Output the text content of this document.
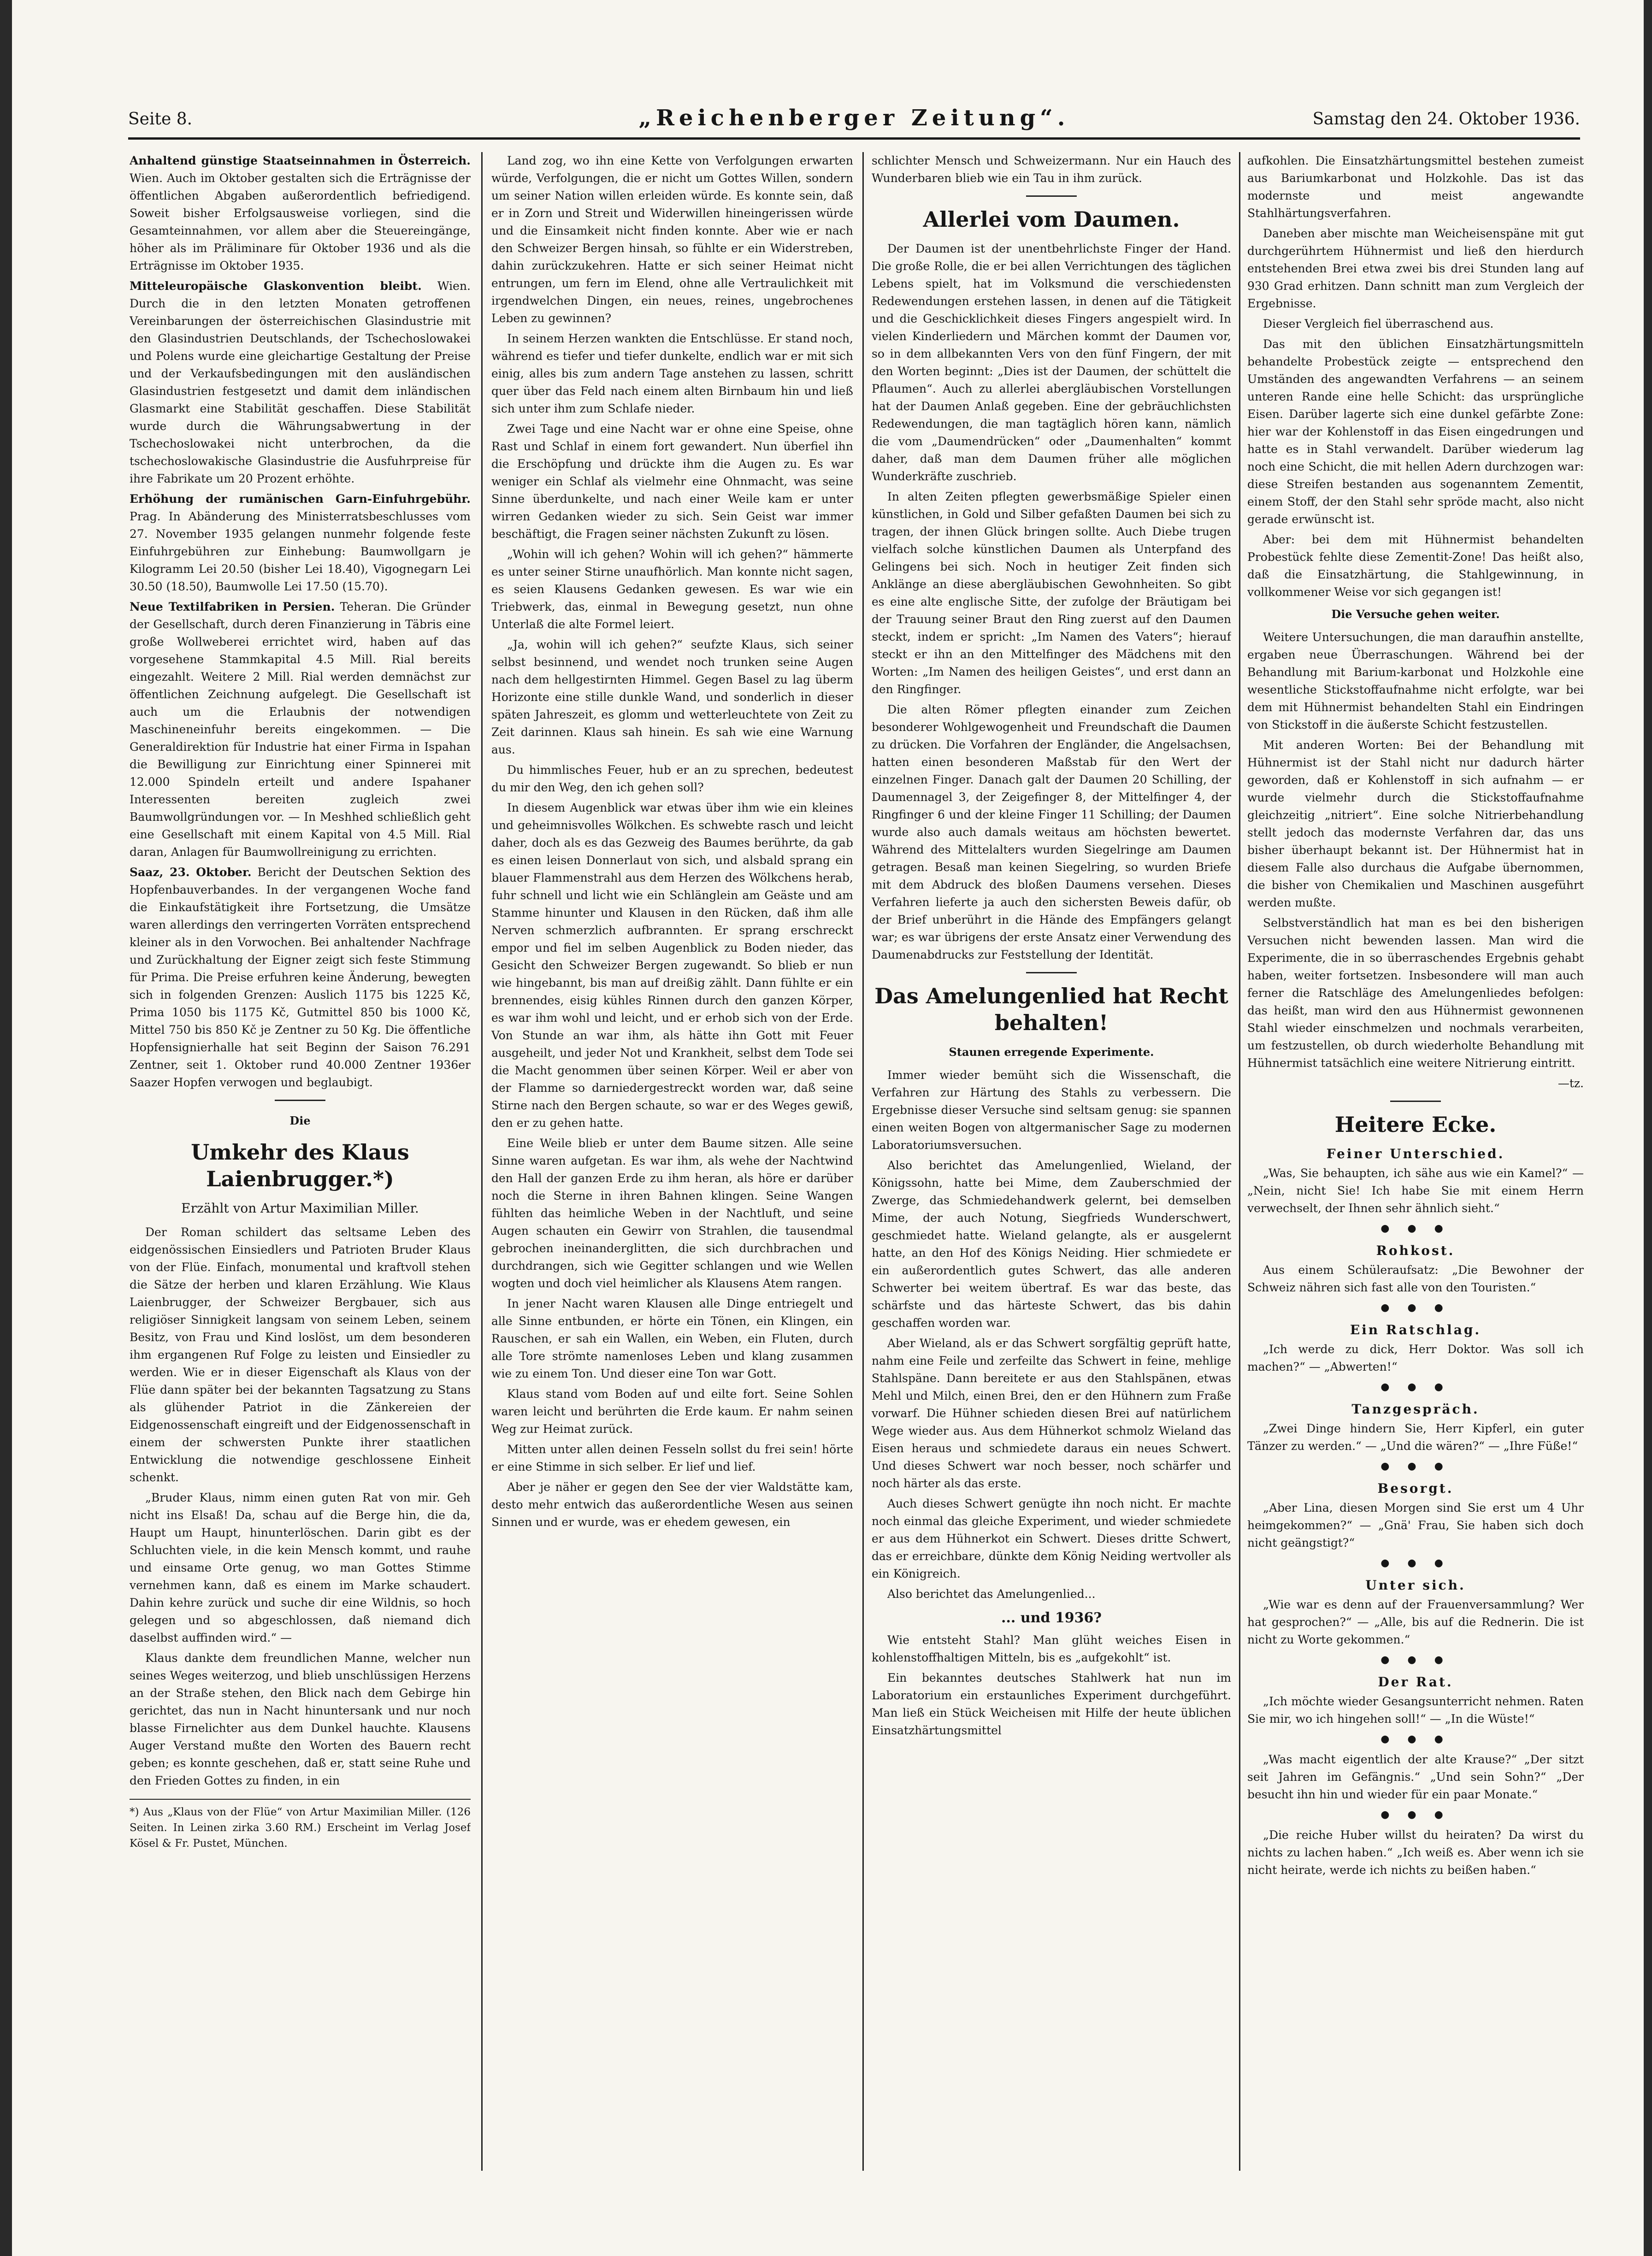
Seite 8.	„Reichenberger Zeitung“.	Samstag den 24. Oktober 1936.

Anhaltend günstige Staatseinnahmen in Österreich. Wien. Auch im Oktober gestalten sich die Erträgnisse der öffentlichen Abgaben außerordentlich befriedigend. Soweit bisher Erfolgsausweise vorliegen, sind die Gesamteinnahmen, vor allem aber die Steuereingänge, höher als im Präliminare für Oktober 1936 und als die Erträgnisse im Oktober 1935.

Mitteleuropäische Glaskonvention bleibt. Wien. Durch die in den letzten Monaten getroffenen Vereinbarungen der österreichischen Glasindustrie mit den Glasindustrien Deutschlands, der Tschechoslowakei und Polens wurde eine gleichartige Gestaltung der Preise und der Verkaufsbedingungen mit den ausländischen Glasindustrien festgesetzt und damit dem inländischen Glasmarkt eine Stabilität geschaffen. Diese Stabilität wurde durch die Währungsabwertung in der Tschechoslowakei nicht unterbrochen, da die tschechoslowakische Glasindustrie die Ausfuhrpreise für ihre Fabrikate um 20 Prozent erhöhte.

Erhöhung der rumänischen Garn-Einfuhrgebühr. Prag. In Abänderung des Ministerratsbeschlusses vom 27. November 1935 gelangen nunmehr folgende feste Einfuhrgebühren zur Einhebung: Baumwollgarn je Kilogramm Lei 20.50 (bisher Lei 18.40), Vigognegarn Lei 30.50 (18.50), Baumwolle Lei 17.50 (15.70).

Neue Textilfabriken in Persien. Teheran. Die Gründer der Gesellschaft, durch deren Finanzierung in Täbris eine große Wollweberei errichtet wird, haben auf das vorgesehene Stammkapital 4.5 Mill. Rial bereits eingezahlt. Weitere 2 Mill. Rial werden demnächst zur öffentlichen Zeichnung aufgelegt. Die Gesellschaft ist auch um die Erlaubnis der notwendigen Maschineneinfuhr bereits eingekommen. — Die Generaldirektion für Industrie hat einer Firma in Ispahan die Bewilligung zur Einrichtung einer Spinnerei mit 12.000 Spindeln erteilt und andere Ispahaner Interessenten bereiten zugleich zwei Baumwollgründungen vor. — In Meshhed schließlich geht eine Gesellschaft mit einem Kapital von 4.5 Mill. Rial daran, Anlagen für Baumwollreinigung zu errichten.

Saaz, 23. Oktober. Bericht der Deutschen Sektion des Hopfenbauverbandes. In der vergangenen Woche fand die Einkaufstätigkeit ihre Fortsetzung, die Umsätze waren allerdings den verringerten Vorräten entsprechend kleiner als in den Vorwochen. Bei anhaltender Nachfrage und Zurückhaltung der Eigner zeigt sich feste Stimmung für Prima. Die Preise erfuhren keine Änderung, bewegten sich in folgenden Grenzen: Auslich 1175 bis 1225 Kč, Prima 1050 bis 1175 Kč, Gutmittel 850 bis 1000 Kč, Mittel 750 bis 850 Kč je Zentner zu 50 Kg. Die öffentliche Hopfensignierhalle hat seit Beginn der Saison 76.291 Zentner, seit 1. Oktober rund 40.000 Zentner 1936er Saazer Hopfen verwogen und beglaubigt.

Die

Umkehr des Klaus Laienbrugger.*)

Erzählt von Artur Maximilian Miller.

Der Roman schildert das seltsame Leben des eidgenössischen Einsiedlers und Patrioten Bruder Klaus von der Flüe. Einfach, monumental und kraftvoll stehen die Sätze der herben und klaren Erzählung. Wie Klaus Laienbrugger, der Schweizer Bergbauer, sich aus religiöser Sinnigkeit langsam von seinem Leben, seinem Besitz, von Frau und Kind loslöst, um dem besonderen ihm ergangenen Ruf Folge zu leisten und Einsiedler zu werden. Wie er in dieser Eigenschaft als Klaus von der Flüe dann später bei der bekannten Tagsatzung zu Stans als glühender Patriot in die Zänkereien der Eidgenossenschaft eingreift und der Eidgenossenschaft in einem der schwersten Punkte ihrer staatlichen Entwicklung die notwendige geschlossene Einheit schenkt.

„Bruder Klaus, nimm einen guten Rat von mir. Geh nicht ins Elsaß! Da, schau auf die Berge hin, die da, Haupt um Haupt, hinunterlöschen. Darin gibt es der Schluchten viele, in die kein Mensch kommt, und rauhe und einsame Orte genug, wo man Gottes Stimme vernehmen kann, daß es einem im Marke schaudert. Dahin kehre zurück und suche dir eine Wildnis, so hoch gelegen und so abgeschlossen, daß niemand dich daselbst auffinden wird.“ —

Klaus dankte dem freundlichen Manne, welcher nun seines Weges weiterzog, und blieb unschlüssigen Herzens an der Straße stehen, den Blick nach dem Gebirge hin gerichtet, das nun in Nacht hinuntersank und nur noch blasse Firnelichter aus dem Dunkel hauchte. Klausens Auger Verstand mußte den Worten des Bauern recht geben; es konnte geschehen, daß er, statt seine Ruhe und den Frieden Gottes zu finden, in ein

*) Aus „Klaus von der Flüe“ von Artur Maximilian Miller. (126 Seiten. In Leinen zirka 3.60 RM.) Erscheint im Verlag Josef Kösel & Fr. Pustet, München.

Land zog, wo ihn eine Kette von Verfolgungen erwarten würde, Verfolgungen, die er nicht um Gottes Willen, sondern um seiner Nation willen erleiden würde. Es konnte sein, daß er in Zorn und Streit und Widerwillen hineingerissen würde und die Einsamkeit nicht finden konnte. Aber wie er nach den Schweizer Bergen hinsah, so fühlte er ein Widerstreben, dahin zurückzukehren. Hatte er sich seiner Heimat nicht entrungen, um fern im Elend, ohne alle Vertraulichkeit mit irgendwelchen Dingen, ein neues, reines, ungebrochenes Leben zu gewinnen?

In seinem Herzen wankten die Entschlüsse. Er stand noch, während es tiefer und tiefer dunkelte, endlich war er mit sich einig, alles bis zum andern Tage anstehen zu lassen, schritt quer über das Feld nach einem alten Birnbaum hin und ließ sich unter ihm zum Schlafe nieder.

Zwei Tage und eine Nacht war er ohne eine Speise, ohne Rast und Schlaf in einem fort gewandert. Nun überfiel ihn die Erschöpfung und drückte ihm die Augen zu. Es war weniger ein Schlaf als vielmehr eine Ohnmacht, was seine Sinne überdunkelte, und nach einer Weile kam er unter wirren Gedanken wieder zu sich. Sein Geist war immer beschäftigt, die Fragen seiner nächsten Zukunft zu lösen.

„Wohin will ich gehen? Wohin will ich gehen?“ hämmerte es unter seiner Stirne unaufhörlich. Man konnte nicht sagen, es seien Klausens Gedanken gewesen. Es war wie ein Triebwerk, das, einmal in Bewegung gesetzt, nun ohne Unterlaß die alte Formel leiert.

„Ja, wohin will ich gehen?“ seufzte Klaus, sich seiner selbst besinnend, und wendet noch trunken seine Augen nach dem hellgestirnten Himmel. Gegen Basel zu lag überm Horizonte eine stille dunkle Wand, und sonderlich in dieser späten Jahreszeit, es glomm und wetterleuchtete von Zeit zu Zeit darinnen. Klaus sah hinein. Es sah wie eine Warnung aus.

Du himmlisches Feuer, hub er an zu sprechen, bedeutest du mir den Weg, den ich gehen soll?

In diesem Augenblick war etwas über ihm wie ein kleines und geheimnisvolles Wölkchen. Es schwebte rasch und leicht daher, doch als es das Gezweig des Baumes berührte, da gab es einen leisen Donnerlaut von sich, und alsbald sprang ein blauer Flammenstrahl aus dem Herzen des Wölkchens herab, fuhr schnell und licht wie ein Schlänglein am Geäste und am Stamme hinunter und Klausen in den Rücken, daß ihm alle Nerven schmerzlich aufbrannten. Er sprang erschreckt empor und fiel im selben Augenblick zu Boden nieder, das Gesicht den Schweizer Bergen zugewandt. So blieb er nun wie hingebannt, bis man auf dreißig zählt. Dann fühlte er ein brennendes, eisig kühles Rinnen durch den ganzen Körper, es war ihm wohl und leicht, und er erhob sich von der Erde. Von Stunde an war ihm, als hätte ihn Gott mit Feuer ausgeheilt, und jeder Not und Krankheit, selbst dem Tode sei die Macht genommen über seinen Körper. Weil er aber von der Flamme so darniedergestreckt worden war, daß seine Stirne nach den Bergen schaute, so war er des Weges gewiß, den er zu gehen hatte.

Eine Weile blieb er unter dem Baume sitzen. Alle seine Sinne waren aufgetan. Es war ihm, als wehe der Nachtwind den Hall der ganzen Erde zu ihm heran, als höre er darüber noch die Sterne in ihren Bahnen klingen. Seine Wangen fühlten das heimliche Weben in der Nachtluft, und seine Augen schauten ein Gewirr von Strahlen, die tausendmal gebrochen ineinanderglitten, die sich durchbrachen und durchdrangen, sich wie Gegitter schlangen und wie Wellen wogten und doch viel heimlicher als Klausens Atem rangen.

In jener Nacht waren Klausen alle Dinge entriegelt und alle Sinne entbunden, er hörte ein Tönen, ein Klingen, ein Rauschen, er sah ein Wallen, ein Weben, ein Fluten, durch alle Tore strömte namenloses Leben und klang zusammen wie zu einem Ton. Und dieser eine Ton war Gott.

Klaus stand vom Boden auf und eilte fort. Seine Sohlen waren leicht und berührten die Erde kaum. Er nahm seinen Weg zur Heimat zurück.

Mitten unter allen deinen Fesseln sollst du frei sein! hörte er eine Stimme in sich selber. Er lief und lief.

Aber je näher er gegen den See der vier Waldstätte kam, desto mehr entwich das außerordentliche Wesen aus seinen Sinnen und er wurde, was er ehedem gewesen, ein

schlichter Mensch und Schweizermann. Nur ein Hauch des Wunderbaren blieb wie ein Tau in ihm zurück.

Allerlei vom Daumen.

Der Daumen ist der unentbehrlichste Finger der Hand. Die große Rolle, die er bei allen Verrichtungen des täglichen Lebens spielt, hat im Volksmund die verschiedensten Redewendungen erstehen lassen, in denen auf die Tätigkeit und die Geschicklichkeit dieses Fingers angespielt wird. In vielen Kinderliedern und Märchen kommt der Daumen vor, so in dem allbekannten Vers von den fünf Fingern, der mit den Worten beginnt: „Dies ist der Daumen, der schüttelt die Pflaumen“. Auch zu allerlei abergläubischen Vorstellungen hat der Daumen Anlaß gegeben. Eine der gebräuchlichsten Redewendungen, die man tagtäglich hören kann, nämlich die vom „Daumendrücken“ oder „Daumenhalten“ kommt daher, daß man dem Daumen früher alle möglichen Wunderkräfte zuschrieb.

In alten Zeiten pflegten gewerbsmäßige Spieler einen künstlichen, in Gold und Silber gefaßten Daumen bei sich zu tragen, der ihnen Glück bringen sollte. Auch Diebe trugen vielfach solche künstlichen Daumen als Unterpfand des Gelingens bei sich. Noch in heutiger Zeit finden sich Anklänge an diese abergläubischen Gewohnheiten. So gibt es eine alte englische Sitte, der zufolge der Bräutigam bei der Trauung seiner Braut den Ring zuerst auf den Daumen steckt, indem er spricht: „Im Namen des Vaters“; hierauf steckt er ihn an den Mittelfinger des Mädchens mit den Worten: „Im Namen des heiligen Geistes“, und erst dann an den Ringfinger.

Die alten Römer pflegten einander zum Zeichen besonderer Wohlgewogenheit und Freundschaft die Daumen zu drücken. Die Vorfahren der Engländer, die Angelsachsen, hatten einen besonderen Maßstab für den Wert der einzelnen Finger. Danach galt der Daumen 20 Schilling, der Daumennagel 3, der Zeigefinger 8, der Mittelfinger 4, der Ringfinger 6 und der kleine Finger 11 Schilling; der Daumen wurde also auch damals weitaus am höchsten bewertet. Während des Mittelalters wurden Siegelringe am Daumen getragen. Besaß man keinen Siegelring, so wurden Briefe mit dem Abdruck des bloßen Daumens versehen. Dieses Verfahren lieferte ja auch den sichersten Beweis dafür, ob der Brief unberührt in die Hände des Empfängers gelangt war; es war übrigens der erste Ansatz einer Verwendung des Daumenabdrucks zur Feststellung der Identität.

Das Amelungenlied hat Recht behalten!

Staunen erregende Experimente.

Immer wieder bemüht sich die Wissenschaft, die Verfahren zur Härtung des Stahls zu verbessern. Die Ergebnisse dieser Versuche sind seltsam genug: sie spannen einen weiten Bogen von altgermanischer Sage zu modernen Laboratoriumsversuchen.

Also berichtet das Amelungenlied, Wieland, der Königssohn, hatte bei Mime, dem Zauberschmied der Zwerge, das Schmiedehandwerk gelernt, bei demselben Mime, der auch Notung, Siegfrieds Wunderschwert, geschmiedet hatte. Wieland gelangte, als er ausgelernt hatte, an den Hof des Königs Neiding. Hier schmiedete er ein außerordentlich gutes Schwert, das alle anderen Schwerter bei weitem übertraf. Es war das beste, das schärfste und das härteste Schwert, das bis dahin geschaffen worden war.

Aber Wieland, als er das Schwert sorgfältig geprüft hatte, nahm eine Feile und zerfeilte das Schwert in feine, mehlige Stahlspäne. Dann bereitete er aus den Stahlspänen, etwas Mehl und Milch, einen Brei, den er den Hühnern zum Fraße vorwarf. Die Hühner schieden diesen Brei auf natürlichem Wege wieder aus. Aus dem Hühnerkot schmolz Wieland das Eisen heraus und schmiedete daraus ein neues Schwert. Und dieses Schwert war noch besser, noch schärfer und noch härter als das erste.

Auch dieses Schwert genügte ihn noch nicht. Er machte noch einmal das gleiche Experiment, und wieder schmiedete er aus dem Hühnerkot ein Schwert. Dieses dritte Schwert, das er erreichbare, dünkte dem König Neiding wertvoller als ein Königreich.

Also berichtet das Amelungenlied...

... und 1936?

Wie entsteht Stahl? Man glüht weiches Eisen in kohlenstoffhaltigen Mitteln, bis es „aufgekohlt“ ist.

Ein bekanntes deutsches Stahlwerk hat nun im Laboratorium ein erstaunliches Experiment durchgeführt. Man ließ ein Stück Weicheisen mit Hilfe der heute üblichen Einsatzhärtungsmittel

aufkohlen. Die Einsatzhärtungsmittel bestehen zumeist aus Bariumkarbonat und Holzkohle. Das ist das modernste und meist angewandte Stahlhärtungsverfahren.

Daneben aber mischte man Weicheisenspäne mit gut durchgerührtem Hühnermist und ließ den hierdurch entstehenden Brei etwa zwei bis drei Stunden lang auf 930 Grad erhitzen. Dann schnitt man zum Vergleich der Ergebnisse.

Dieser Vergleich fiel überraschend aus.

Das mit den üblichen Einsatzhärtungsmitteln behandelte Probestück zeigte — entsprechend den Umständen des angewandten Verfahrens — an seinem unteren Rande eine helle Schicht: das ursprüngliche Eisen. Darüber lagerte sich eine dunkel gefärbte Zone: hier war der Kohlenstoff in das Eisen eingedrungen und hatte es in Stahl verwandelt. Darüber wiederum lag noch eine Schicht, die mit hellen Adern durchzogen war: diese Streifen bestanden aus sogenanntem Zementit, einem Stoff, der den Stahl sehr spröde macht, also nicht gerade erwünscht ist.

Aber: bei dem mit Hühnermist behandelten Probestück fehlte diese Zementit-Zone! Das heißt also, daß die Einsatzhärtung, die Stahlgewinnung, in vollkommener Weise vor sich gegangen ist!

Die Versuche gehen weiter.

Weitere Untersuchungen, die man daraufhin anstellte, ergaben neue Überraschungen. Während bei der Behandlung mit Barium-karbonat und Holzkohle eine wesentliche Stickstoffaufnahme nicht erfolgte, war bei dem mit Hühnermist behandelten Stahl ein Eindringen von Stickstoff in die äußerste Schicht festzustellen.

Mit anderen Worten: Bei der Behandlung mit Hühnermist ist der Stahl nicht nur dadurch härter geworden, daß er Kohlenstoff in sich aufnahm — er wurde vielmehr durch die Stickstoffaufnahme gleichzeitig „nitriert“. Eine solche Nitrierbehandlung stellt jedoch das modernste Verfahren dar, das uns bisher überhaupt bekannt ist. Der Hühnermist hat in diesem Falle also durchaus die Aufgabe übernommen, die bisher von Chemikalien und Maschinen ausgeführt werden mußte.

Selbstverständlich hat man es bei den bisherigen Versuchen nicht bewenden lassen. Man wird die Experimente, die in so überraschendes Ergebnis gehabt haben, weiter fortsetzen. Insbesondere will man auch ferner die Ratschläge des Amelungenliedes befolgen: das heißt, man wird den aus Hühnermist gewonnenen Stahl wieder einschmelzen und nochmals verarbeiten, um festzustellen, ob durch wiederholte Behandlung mit Hühnermist tatsächlich eine weitere Nitrierung eintritt.

—tz.

Heitere Ecke.

Feiner Unterschied.

„Was, Sie behaupten, ich sähe aus wie ein Kamel?“ — „Nein, nicht Sie! Ich habe Sie mit einem Herrn verwechselt, der Ihnen sehr ähnlich sieht.“

● ● ●

Rohkost.

Aus einem Schüleraufsatz: „Die Bewohner der Schweiz nähren sich fast alle von den Touristen.“

● ● ●

Ein Ratschlag.

„Ich werde zu dick, Herr Doktor. Was soll ich machen?“ — „Abwerten!“

● ● ●

Tanzgespräch.

„Zwei Dinge hindern Sie, Herr Kipferl, ein guter Tänzer zu werden.“ — „Und die wären?“ — „Ihre Füße!“

● ● ●

Besorgt.

„Aber Lina, diesen Morgen sind Sie erst um 4 Uhr heimgekommen?“ — „Gnä' Frau, Sie haben sich doch nicht geängstigt?“

● ● ●

Unter sich.

„Wie war es denn auf der Frauenversammlung? Wer hat gesprochen?“ — „Alle, bis auf die Rednerin. Die ist nicht zu Worte gekommen.“

● ● ●

Der Rat.

„Ich möchte wieder Gesangsunterricht nehmen. Raten Sie mir, wo ich hingehen soll!“ — „In die Wüste!“

● ● ●

„Was macht eigentlich der alte Krause?“ „Der sitzt seit Jahren im Gefängnis.“ „Und sein Sohn?“ „Der besucht ihn hin und wieder für ein paar Monate.“

● ● ●

„Die reiche Huber willst du heiraten? Da wirst du nichts zu lachen haben.“ „Ich weiß es. Aber wenn ich sie nicht heirate, werde ich nichts zu beißen haben.“
